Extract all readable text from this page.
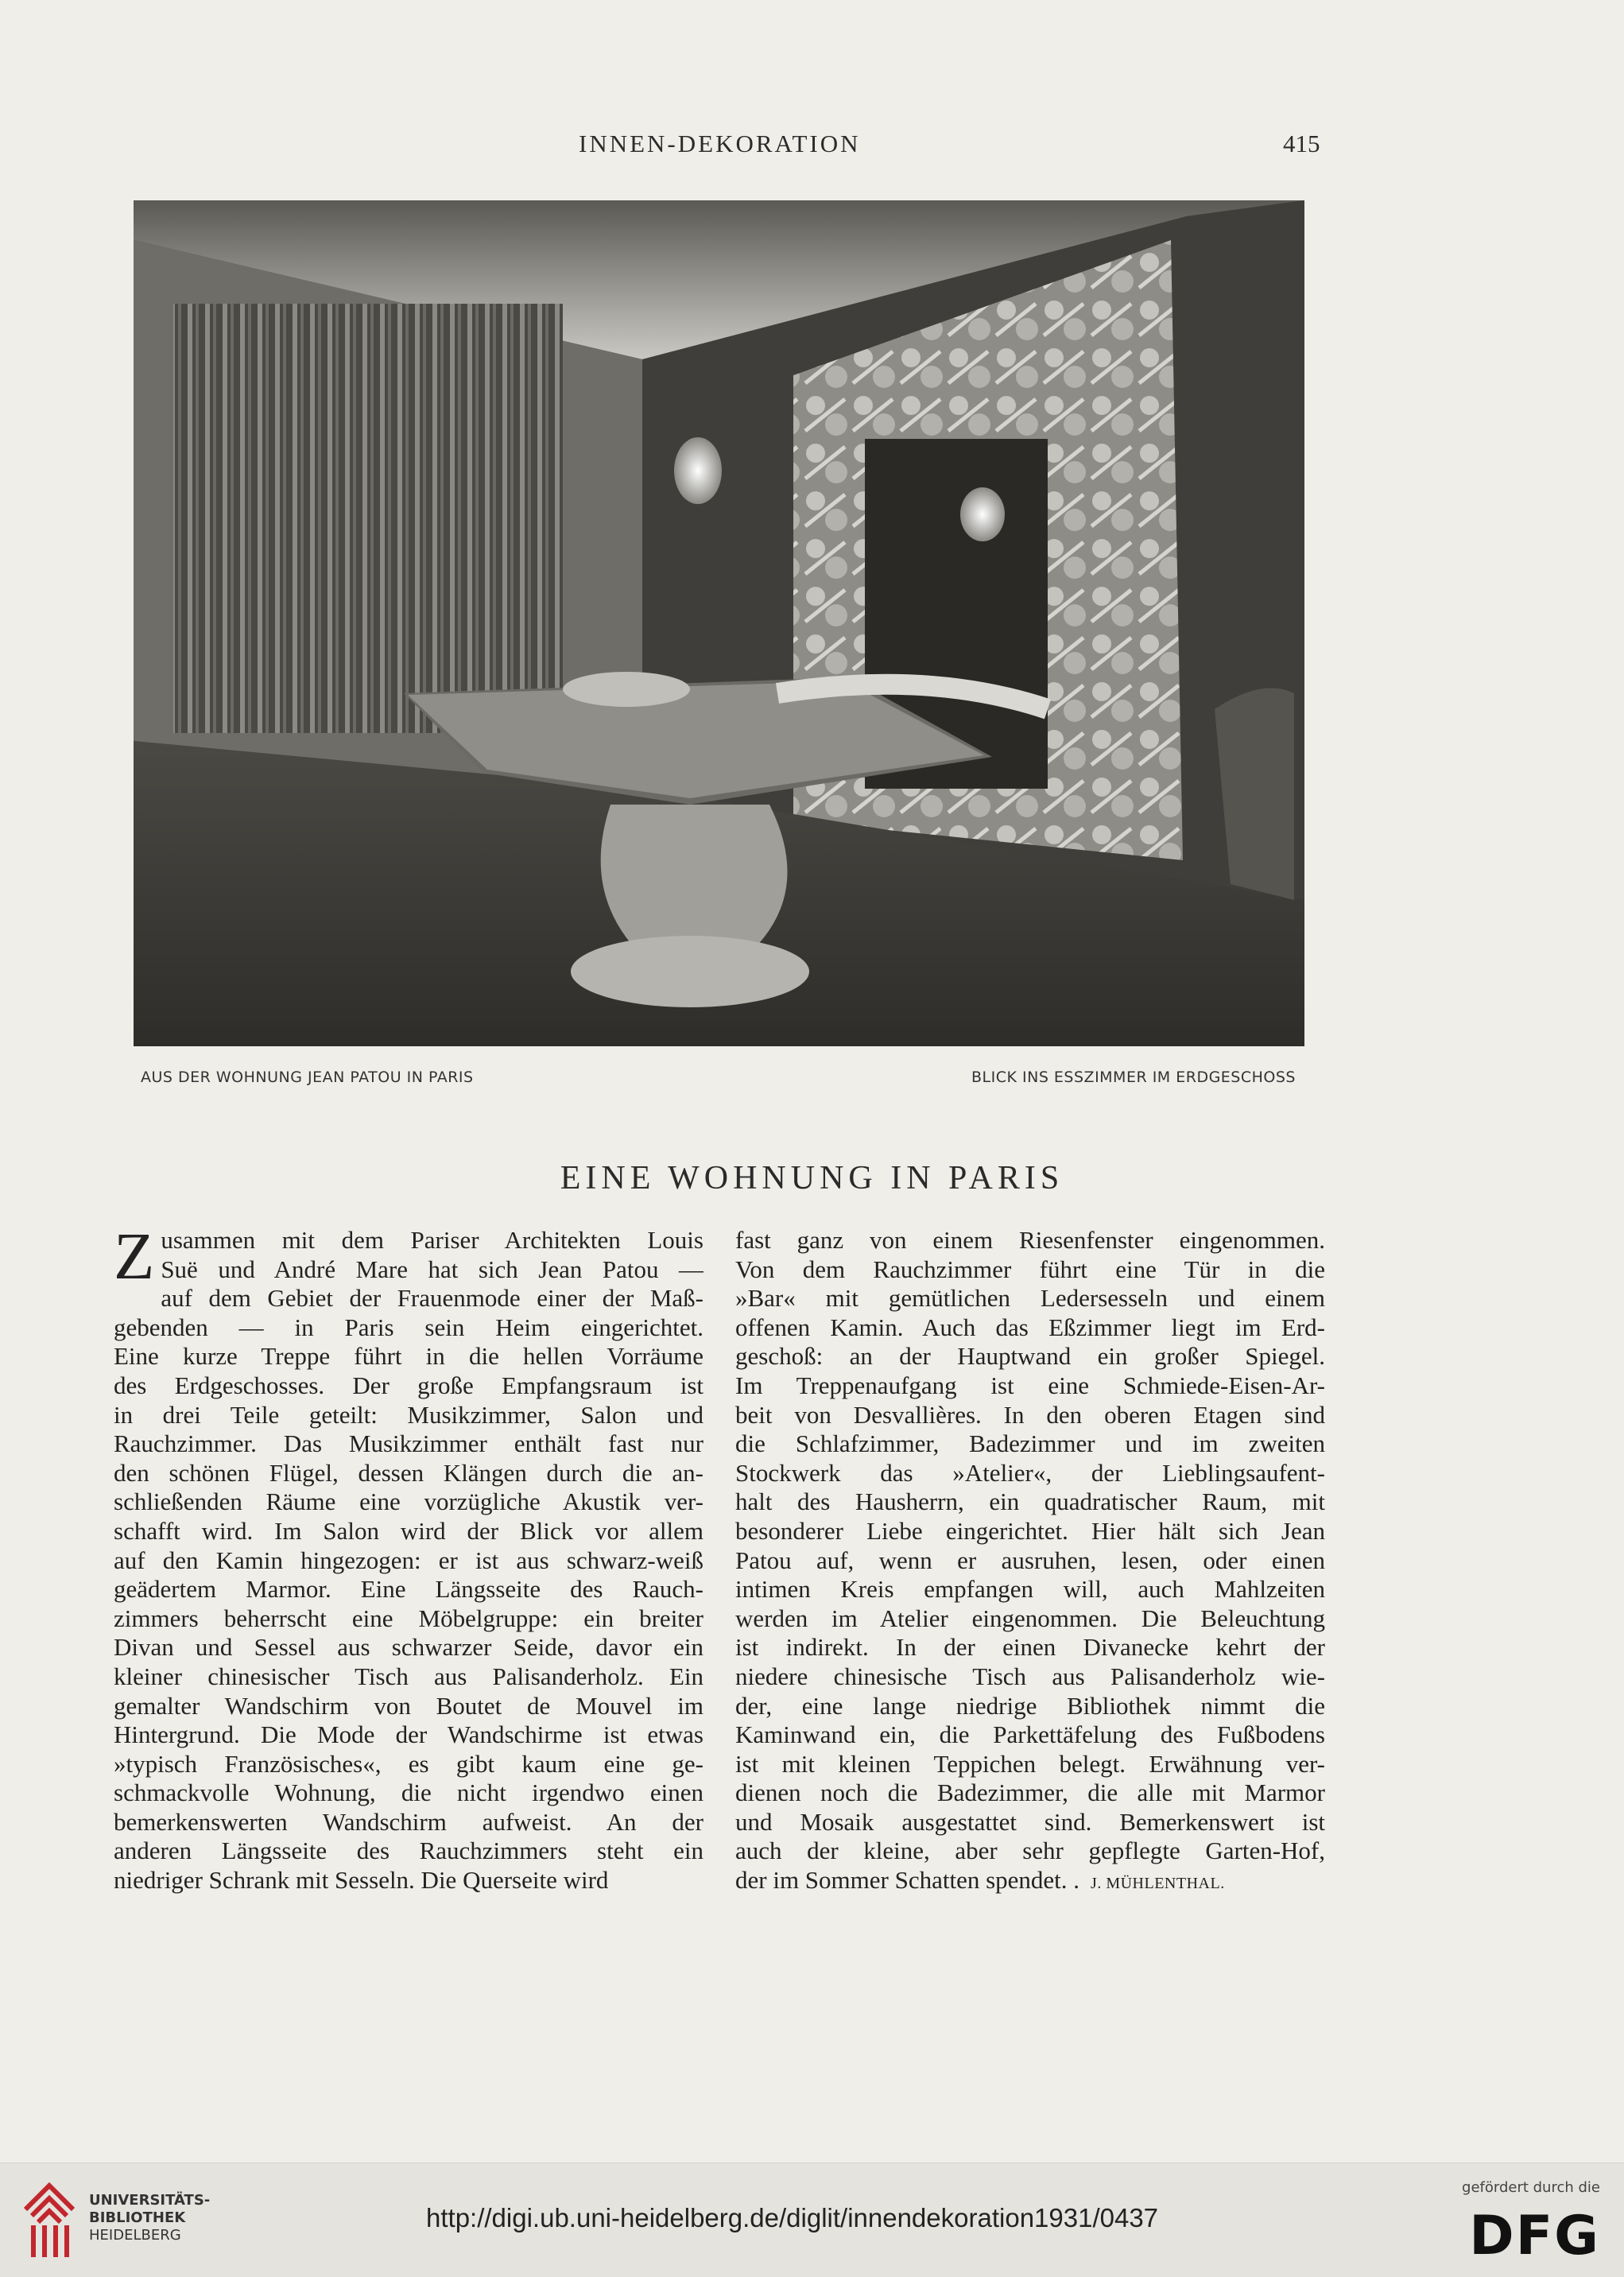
INNEN-DEKORATION	415
AUS DER WOHNUNG JEAN PATOU IN PARIS	BLICK INS ESSZIMMER IM ERDGESCHOSS
EINE WOHNUNG IN PARIS
Z usammen mit dem Pariser Architekten Louis
Suë und André Mare hat sich Jean Patou —
auf dem Gebiet der Frauenmode einer der Maß-
gebenden — in Paris sein Heim eingerichtet.
Eine kurze Treppe führt in die hellen Vorräume
des Erdgeschosses. Der große Empfangsraum ist
in drei Teile geteilt: Musikzimmer, Salon und
Rauchzimmer. Das Musikzimmer enthält fast nur
den schönen Flügel, dessen Klängen durch die an-
schließenden Räume eine vorzügliche Akustik ver-
schafft wird. Im Salon wird der Blick vor allem
auf den Kamin hingezogen: er ist aus schwarz-weiß
geädertem Marmor. Eine Längsseite des Rauch-
zimmers beherrscht eine Möbelgruppe: ein breiter
Divan und Sessel aus schwarzer Seide, davor ein
kleiner chinesischer Tisch aus Palisanderholz. Ein
gemalter Wandschirm von Boutet de Mouvel im
Hintergrund. Die Mode der Wandschirme ist etwas
»typisch Französisches«, es gibt kaum eine ge-
schmackvolle Wohnung, die nicht irgendwo einen
bemerkenswerten Wandschirm aufweist. An der
anderen Längsseite des Rauchzimmers steht ein
niedriger Schrank mit Sesseln. Die Querseite wird
fast ganz von einem Riesenfenster eingenommen.
Von dem Rauchzimmer führt eine Tür in die
»Bar« mit gemütlichen Ledersesseln und einem
offenen Kamin. Auch das Eßzimmer liegt im Erd-
geschoß: an der Hauptwand ein großer Spiegel.
Im Treppenaufgang ist eine Schmiede-Eisen-Ar-
beit von Desvallières. In den oberen Etagen sind
die Schlafzimmer, Badezimmer und im zweiten
Stockwerk das »Atelier«, der Lieblingsaufent-
halt des Hausherrn, ein quadratischer Raum, mit
besonderer Liebe eingerichtet. Hier hält sich Jean
Patou auf, wenn er ausruhen, lesen, oder einen
intimen Kreis empfangen will, auch Mahlzeiten
werden im Atelier eingenommen. Die Beleuchtung
ist indirekt. In der einen Divanecke kehrt der
niedere chinesische Tisch aus Palisanderholz wie-
der, eine lange niedrige Bibliothek nimmt die
Kaminwand ein, die Parkettäfelung des Fußbodens
ist mit kleinen Teppichen belegt. Erwähnung ver-
dienen noch die Badezimmer, die alle mit Marmor
und Mosaik ausgestattet sind. Bemerkenswert ist
auch der kleine, aber sehr gepflegte Garten-Hof,
der im Sommer Schatten spendet. . J. MÜHLENTHAL.
UNIVERSITÄTS-
BIBLIOTHEK
HEIDELBERG
http://digi.ub.uni-heidelberg.de/diglit/innendekoration1931/0437
gefördert durch die
DFG
